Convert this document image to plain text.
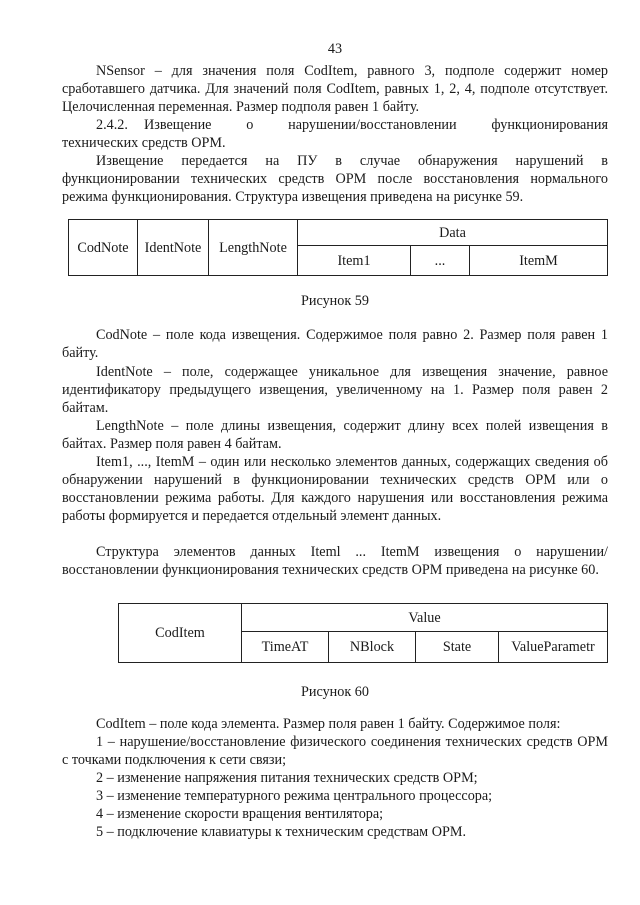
43

NSensor – для значения поля CodItem, равного 3, подполе содержит номер сработавшего датчика. Для значений поля CodItem, равных 1, 2, 4, подполе отсутствует. Целочисленная переменная. Размер подполя равен 1 байту.

2.4.2.	Извещение о нарушении/восстановлении функционирования
технических средств ОРМ.

Извещение передается на ПУ в случае обнаружения нарушений в функционировании технических средств ОРМ после восстановления нормального режима функционирования. Структура извещения приведена на рисунке 59.

CodNote	IdentNote	LengthNote	Data		
			Item1	...	ItemM
Рисунок 59

CodNote – поле кода извещения. Содержимое поля равно 2. Размер поля равен 1 байту.

IdentNote – поле, содержащее уникальное для извещения значение, равное идентификатору предыдущего извещения, увеличенному на 1. Размер поля равен 2 байтам.

LengthNote – поле длины извещения, содержит длину всех полей извещения в байтах. Размер поля равен 4 байтам.

Item1, ..., ItemM – один или несколько элементов данных, содержащих сведения об обнаружении нарушений в функционировании технических средств ОРМ или о восстановлении режима работы. Для каждого нарушения или восстановления режима работы формируется и передается отдельный элемент данных.

Структура элементов данных Iteml ... ItemM извещения о нарушении/восстановлении функционирования технических средств ОРМ приведена на рисунке 60.

CodItem	Value			
	TimeAT	NBlock	State	ValueParametr
Рисунок 60

CodItem – поле кода элемента. Размер поля равен 1 байту. Содержимое поля:

1 – нарушение/восстановление физического соединения технических средств ОРМ с точками подключения к сети связи;

2 – изменение напряжения питания технических средств ОРМ;

3 – изменение температурного режима центрального процессора;

4 – изменение скорости вращения вентилятора;

5 – подключение клавиатуры к техническим средствам ОРМ.
